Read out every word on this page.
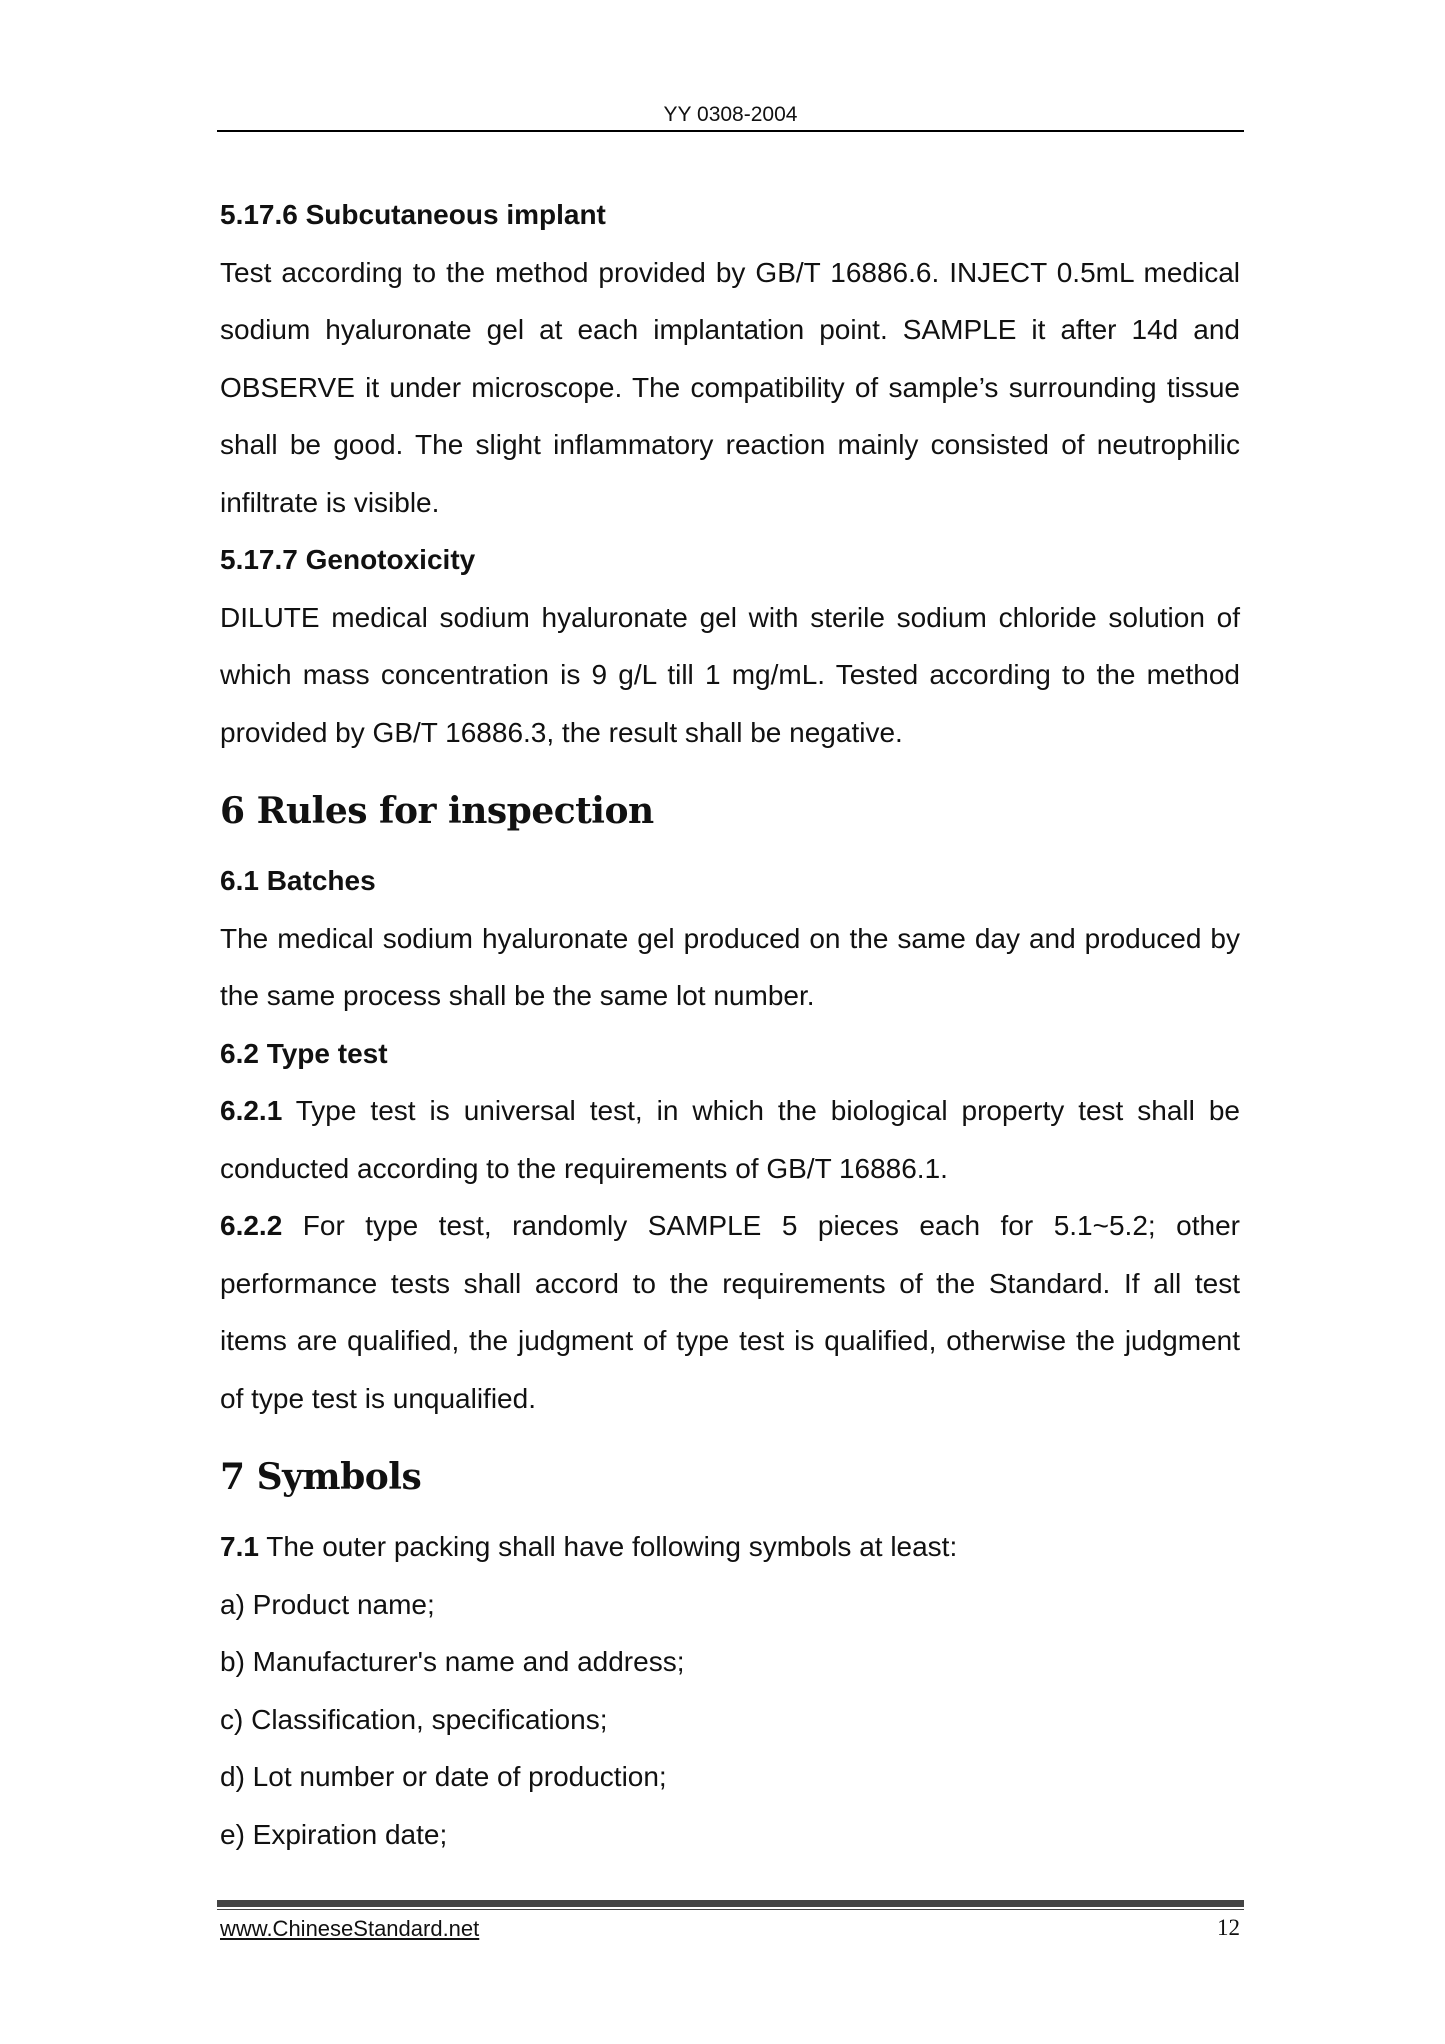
YY 0308-2004

5.17.6 Subcutaneous implant

Test according to the method provided by GB/T 16886.6. INJECT 0.5mL medical sodium hyaluronate gel at each implantation point. SAMPLE it after 14d and OBSERVE it under microscope. The compatibility of sample’s surrounding tissue shall be good. The slight inflammatory reaction mainly consisted of neutrophilic infiltrate is visible.

5.17.7 Genotoxicity

DILUTE medical sodium hyaluronate gel with sterile sodium chloride solution of which mass concentration is 9 g/L till 1 mg/mL. Tested according to the method provided by GB/T 16886.3, the result shall be negative.

6 Rules for inspection

6.1 Batches

The medical sodium hyaluronate gel produced on the same day and produced by the same process shall be the same lot number.

6.2 Type test

6.2.1 Type test is universal test, in which the biological property test shall be conducted according to the requirements of GB/T 16886.1.

6.2.2 For type test, randomly SAMPLE 5 pieces each for 5.1~5.2; other performance tests shall accord to the requirements of the Standard. If all test items are qualified, the judgment of type test is qualified, otherwise the judgment of type test is unqualified.

7 Symbols

7.1 The outer packing shall have following symbols at least:

a) Product name;

b) Manufacturer's name and address;

c) Classification, specifications;

d) Lot number or date of production;

e) Expiration date;

www.ChineseStandard.net	12
